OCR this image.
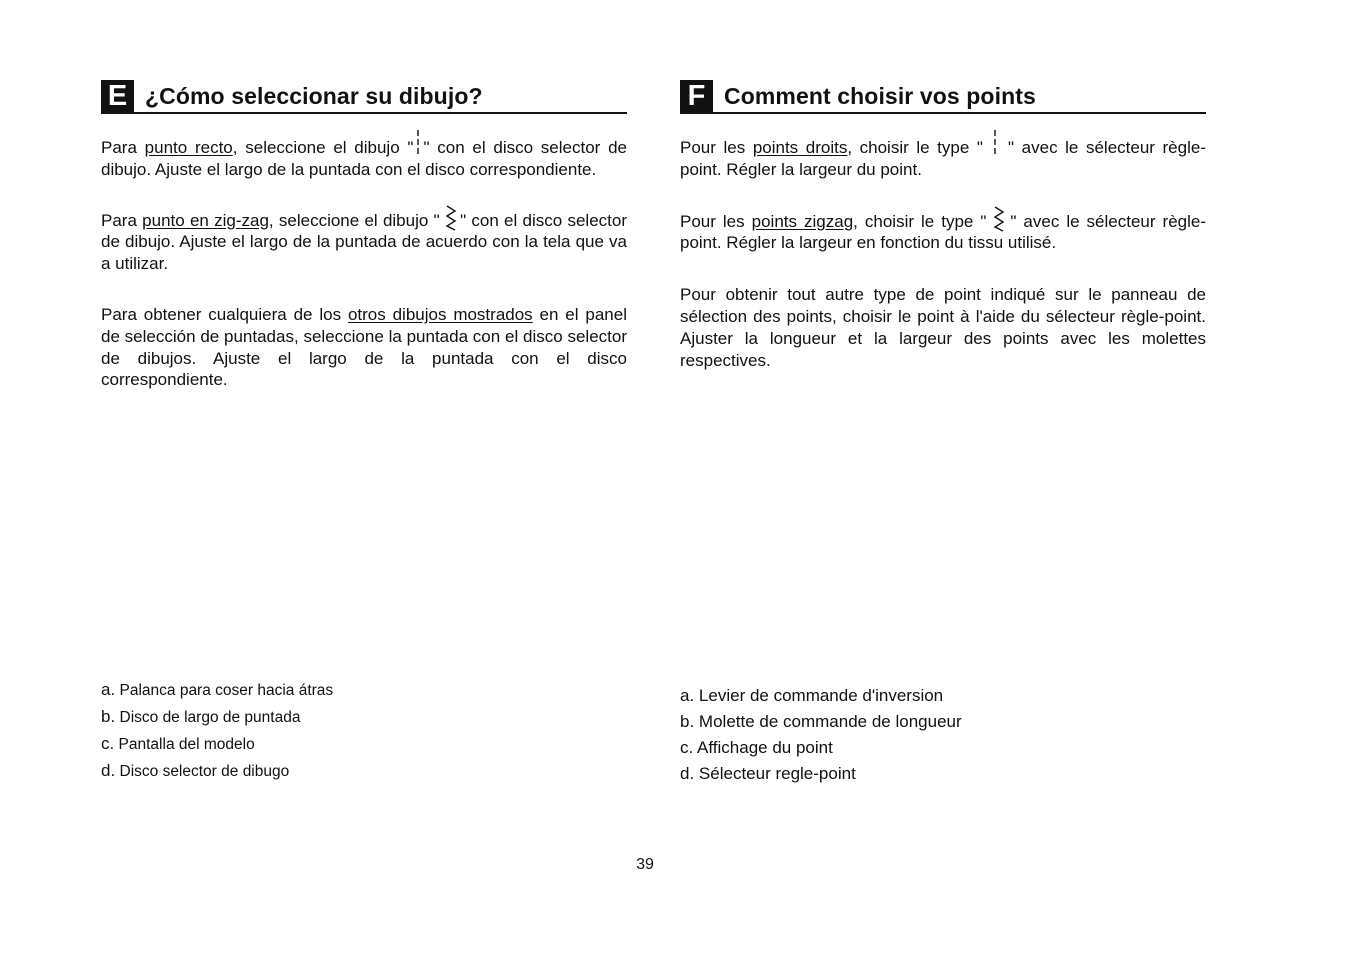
E ¿Cómo seleccionar su dibujo?

Para punto recto, seleccione el dibujo " " con el disco selector de dibujo. Ajuste el largo de la puntada con el disco correspondiente.

Para punto en zig-zag, seleccione el dibujo "
" con el disco selector de dibujo. Ajuste el largo de la puntada de acuerdo con la tela que va a utilizar.

Para obtener cualquiera de los otros dibujos mostrados en el panel de selección de puntadas, seleccione la puntada con el disco selector de dibujos. Ajuste el largo de la puntada con el disco correspondiente.

a. Palanca para coser hacia átras
b. Disco de largo de puntada
c. Pantalla del modelo
d. Disco selector de dibugo
F Comment choisir vos points

Pour les points droits, choisir le type "
" avec le sélecteur règle-point. Régler la largeur du point.

Pour les points zigzag, choisir le type "
" avec le sélecteur règle-point. Régler la largeur en fonction du tissu utilisé.

Pour obtenir tout autre type de point indiqué sur le panneau de sélection des points, choisir le point à l'aide du sélecteur règle-point. Ajuster la longueur et la largeur des points avec les molettes respectives.

a. Levier de commande d'inversion
b. Molette de commande de longueur
c. Affichage du point
d. Sélecteur regle-point
39
